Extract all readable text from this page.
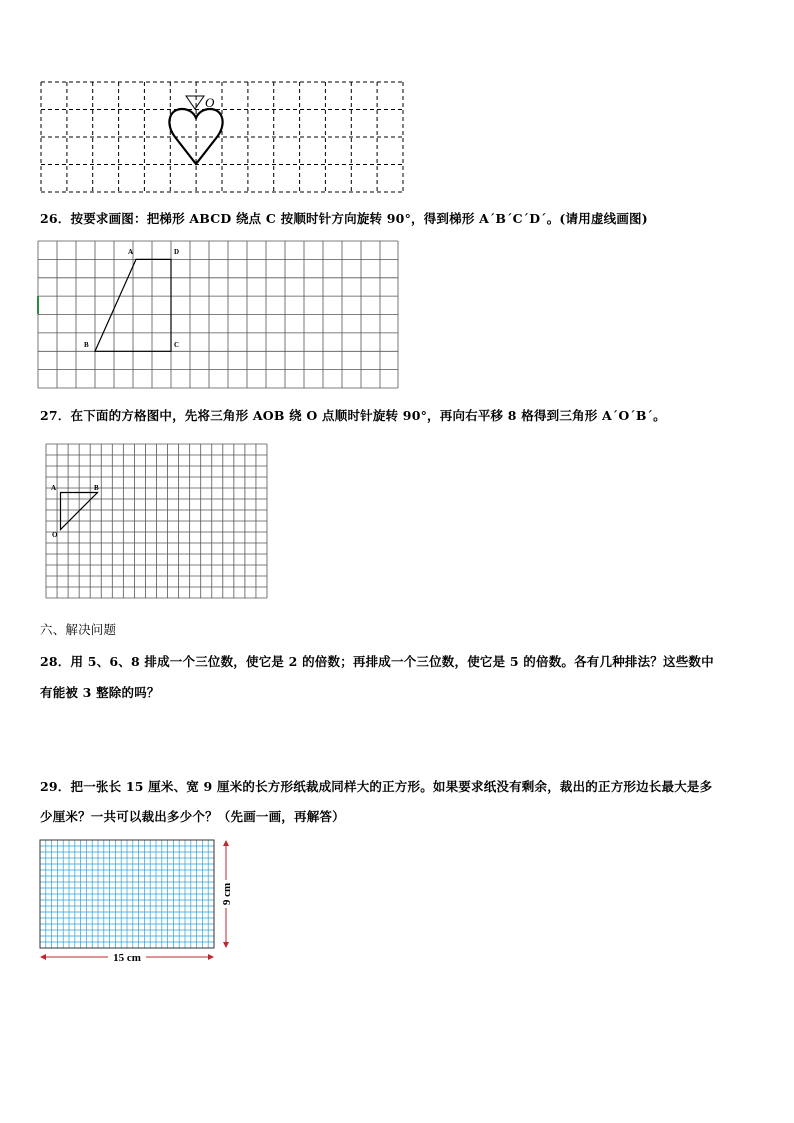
O
26．按要求画图：把梯形 ABCD 绕点 C 按顺时针方向旋转 90°，得到梯形 A´B´C´D´。(请用虚线画图)
A	D
B	C
27．在下面的方格图中，先将三角形 AOB 绕 O 点顺时针旋转 90°，再向右平移 8 格得到三角形 A´O´B´。
A	B
O
六、解决问题
28．用 5、6、8 排成一个三位数，使它是 2 的倍数；再排成一个三位数，使它是 5 的倍数。各有几种排法？这些数中
有能被 3 整除的吗？
29．把一张长 15 厘米、宽 9 厘米的长方形纸裁成同样大的正方形。如果要求纸没有剩余，裁出的正方形边长最大是多
少厘米？一共可以裁出多少个？（先画一画，再解答）
9 cm
15 cm
